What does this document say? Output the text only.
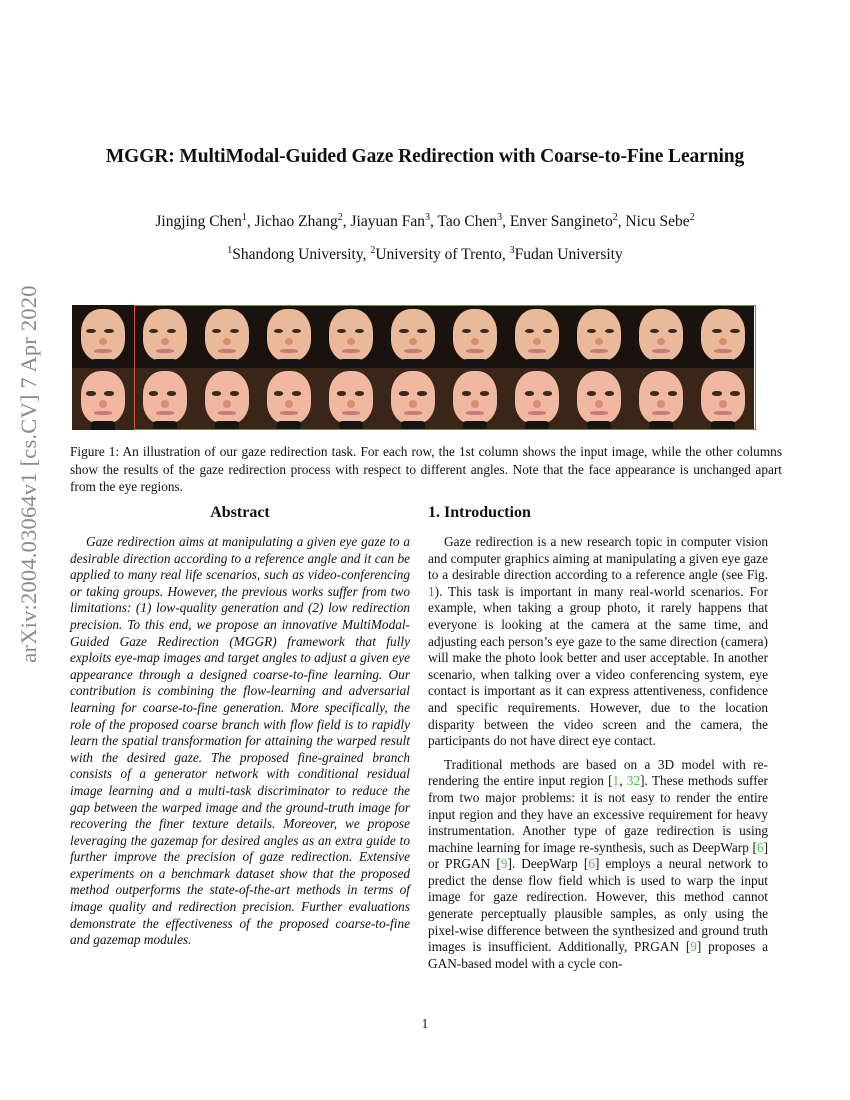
arXiv:2004.03064v1 [cs.CV] 7 Apr 2020
MGGR: MultiModal-Guided Gaze Redirection with Coarse-to-Fine Learning
Jingjing Chen$^1$, Jichao Zhang$^2$, Jiayuan Fan$^3$, Tao Chen$^3$, Enver Sangineto$^2$, Nicu Sebe$^2$
$^1$Shandong University, $^2$University of Trento, $^3$Fudan University
Figure 1: An illustration of our gaze redirection task. For each row, the 1st column shows the input image, while the other columns show the results of the gaze redirection process with respect to different angles. Note that the face appearance is unchanged apart from the eye regions.
Abstract

Gaze redirection aims at manipulating a given eye gaze to a desirable direction according to a reference angle and it can be applied to many real life scenarios, such as video-conferencing or taking groups. However, the previous works suffer from two limitations: (1) low-quality generation and (2) low redirection precision. To this end, we propose an innovative MultiModal-Guided Gaze Redirection (MGGR) framework that fully exploits eye-map images and target angles to adjust a given eye appearance through a designed coarse-to-fine learning. Our contribution is combining the flow-learning and adversarial learning for coarse-to-fine generation. More specifically, the role of the proposed coarse branch with flow field is to rapidly learn the spatial transformation for attaining the warped result with the desired gaze. The proposed fine-grained branch consists of a generator network with conditional residual image learning and a multi-task discriminator to reduce the gap between the warped image and the ground-truth image for recovering the finer texture details. Moreover, we propose leveraging the gazemap for desired angles as an extra guide to further improve the precision of gaze redirection. Extensive experiments on a benchmark dataset show that the proposed method outperforms the state-of-the-art methods in terms of image quality and redirection precision. Further evaluations demonstrate the effectiveness of the proposed coarse-to-fine and gazemap modules.

1. Introduction

Gaze redirection is a new research topic in computer vision and computer graphics aiming at manipulating a given eye gaze to a desirable direction according to a reference angle (see Fig. 1). This task is important in many real-world scenarios. For example, when taking a group photo, it rarely happens that everyone is looking at the camera at the same time, and adjusting each person’s eye gaze to the same direction (camera) will make the photo look better and user acceptable. In another scenario, when talking over a video conferencing system, eye contact is important as it can express attentiveness, confidence and specific requirements. However, due to the location disparity between the video screen and the camera, the participants do not have direct eye contact.

Traditional methods are based on a 3D model with re-rendering the entire input region [1, 32]. These methods suffer from two major problems: it is not easy to render the entire input region and they have an excessive requirement for heavy instrumentation. Another type of gaze redirection is using machine learning for image re-synthesis, such as DeepWarp [6] or PRGAN [9]. DeepWarp [6] employs a neural network to predict the dense flow field which is used to warp the input image for gaze redirection. However, this method cannot generate perceptually plausible samples, as only using the pixel-wise difference between the synthesized and ground truth images is insufficient. Additionally, PRGAN [9] proposes a GAN-based model with a cycle con-

1
